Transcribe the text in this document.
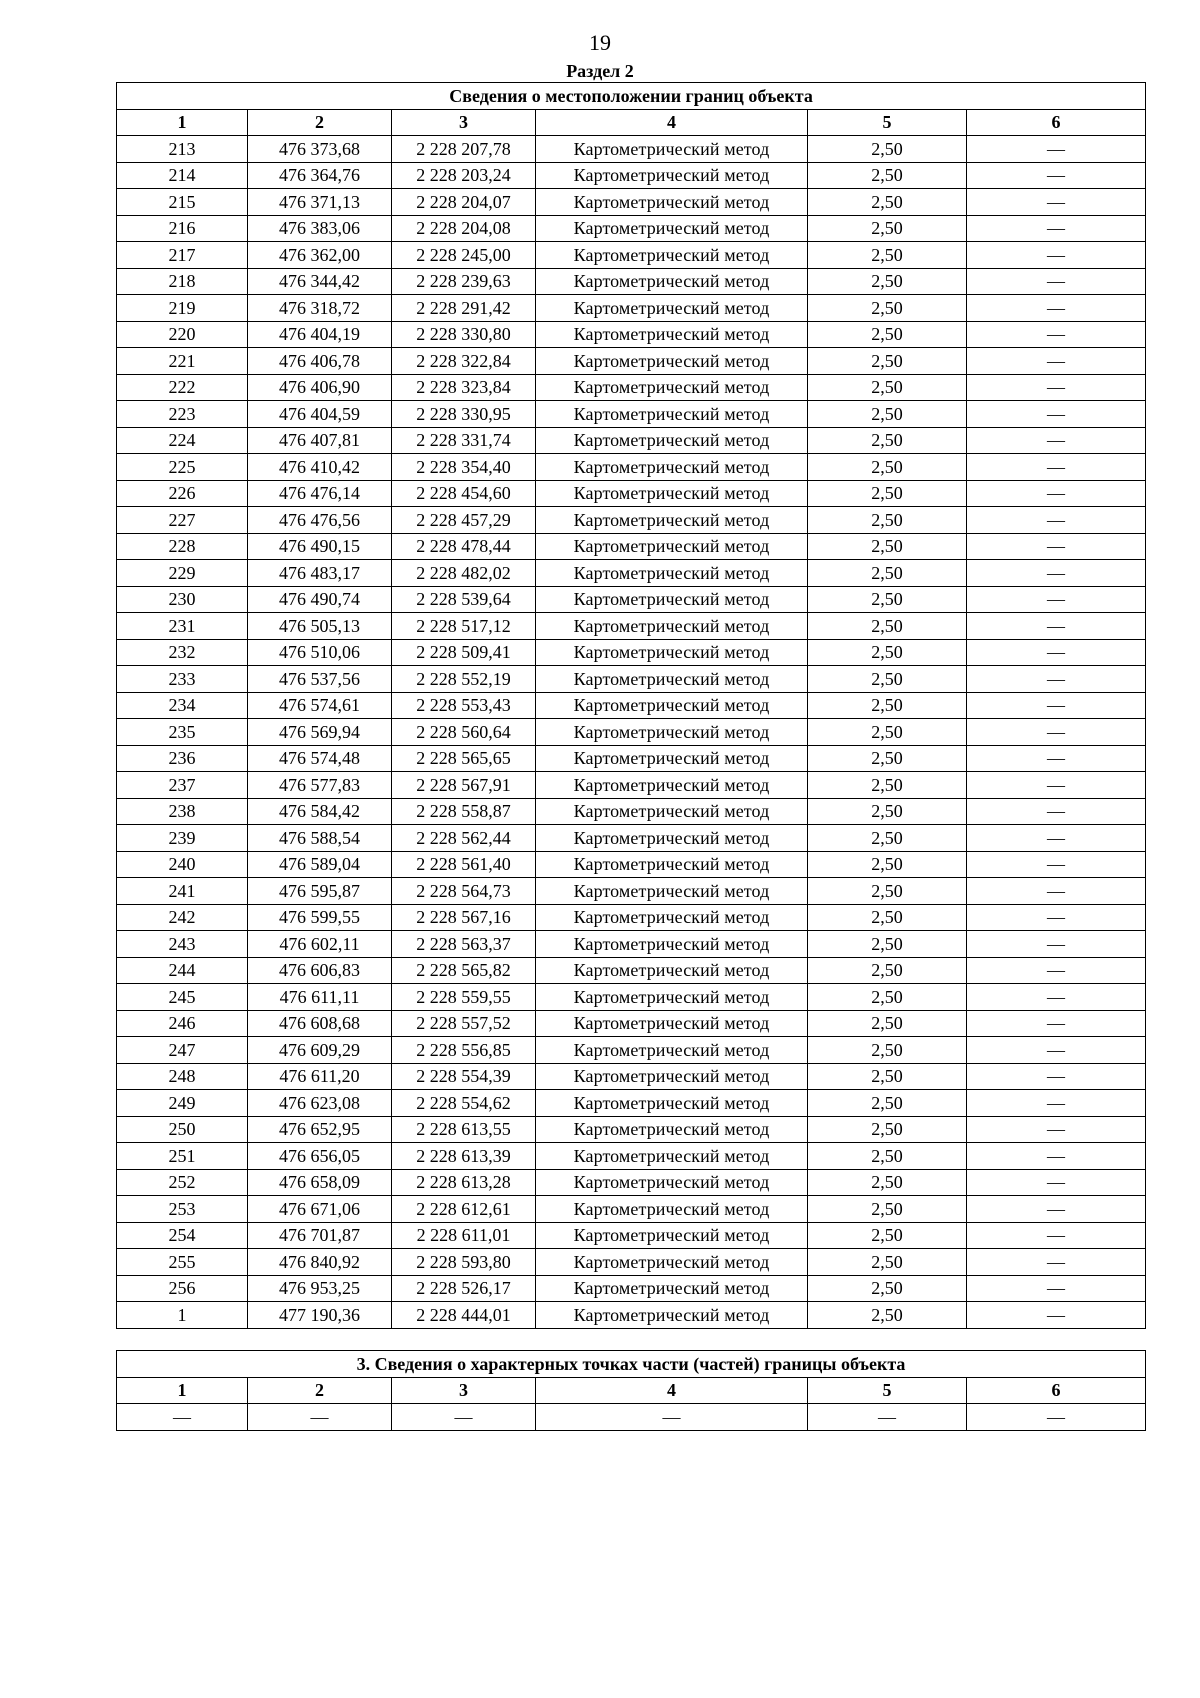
19
Раздел 2
Сведения о местоположении границ объекта					
1	2	3	4	5	6
213	476 373,68	2 228 207,78	Картометрический метод	2,50	—
214	476 364,76	2 228 203,24	Картометрический метод	2,50	—
215	476 371,13	2 228 204,07	Картометрический метод	2,50	—
216	476 383,06	2 228 204,08	Картометрический метод	2,50	—
217	476 362,00	2 228 245,00	Картометрический метод	2,50	—
218	476 344,42	2 228 239,63	Картометрический метод	2,50	—
219	476 318,72	2 228 291,42	Картометрический метод	2,50	—
220	476 404,19	2 228 330,80	Картометрический метод	2,50	—
221	476 406,78	2 228 322,84	Картометрический метод	2,50	—
222	476 406,90	2 228 323,84	Картометрический метод	2,50	—
223	476 404,59	2 228 330,95	Картометрический метод	2,50	—
224	476 407,81	2 228 331,74	Картометрический метод	2,50	—
225	476 410,42	2 228 354,40	Картометрический метод	2,50	—
226	476 476,14	2 228 454,60	Картометрический метод	2,50	—
227	476 476,56	2 228 457,29	Картометрический метод	2,50	—
228	476 490,15	2 228 478,44	Картометрический метод	2,50	—
229	476 483,17	2 228 482,02	Картометрический метод	2,50	—
230	476 490,74	2 228 539,64	Картометрический метод	2,50	—
231	476 505,13	2 228 517,12	Картометрический метод	2,50	—
232	476 510,06	2 228 509,41	Картометрический метод	2,50	—
233	476 537,56	2 228 552,19	Картометрический метод	2,50	—
234	476 574,61	2 228 553,43	Картометрический метод	2,50	—
235	476 569,94	2 228 560,64	Картометрический метод	2,50	—
236	476 574,48	2 228 565,65	Картометрический метод	2,50	—
237	476 577,83	2 228 567,91	Картометрический метод	2,50	—
238	476 584,42	2 228 558,87	Картометрический метод	2,50	—
239	476 588,54	2 228 562,44	Картометрический метод	2,50	—
240	476 589,04	2 228 561,40	Картометрический метод	2,50	—
241	476 595,87	2 228 564,73	Картометрический метод	2,50	—
242	476 599,55	2 228 567,16	Картометрический метод	2,50	—
243	476 602,11	2 228 563,37	Картометрический метод	2,50	—
244	476 606,83	2 228 565,82	Картометрический метод	2,50	—
245	476 611,11	2 228 559,55	Картометрический метод	2,50	—
246	476 608,68	2 228 557,52	Картометрический метод	2,50	—
247	476 609,29	2 228 556,85	Картометрический метод	2,50	—
248	476 611,20	2 228 554,39	Картометрический метод	2,50	—
249	476 623,08	2 228 554,62	Картометрический метод	2,50	—
250	476 652,95	2 228 613,55	Картометрический метод	2,50	—
251	476 656,05	2 228 613,39	Картометрический метод	2,50	—
252	476 658,09	2 228 613,28	Картометрический метод	2,50	—
253	476 671,06	2 228 612,61	Картометрический метод	2,50	—
254	476 701,87	2 228 611,01	Картометрический метод	2,50	—
255	476 840,92	2 228 593,80	Картометрический метод	2,50	—
256	476 953,25	2 228 526,17	Картометрический метод	2,50	—
1	477 190,36	2 228 444,01	Картометрический метод	2,50	—
3. Сведения о характерных точках части (частей) границы объекта					
1	2	3	4	5	6
—	—	—	—	—	—
